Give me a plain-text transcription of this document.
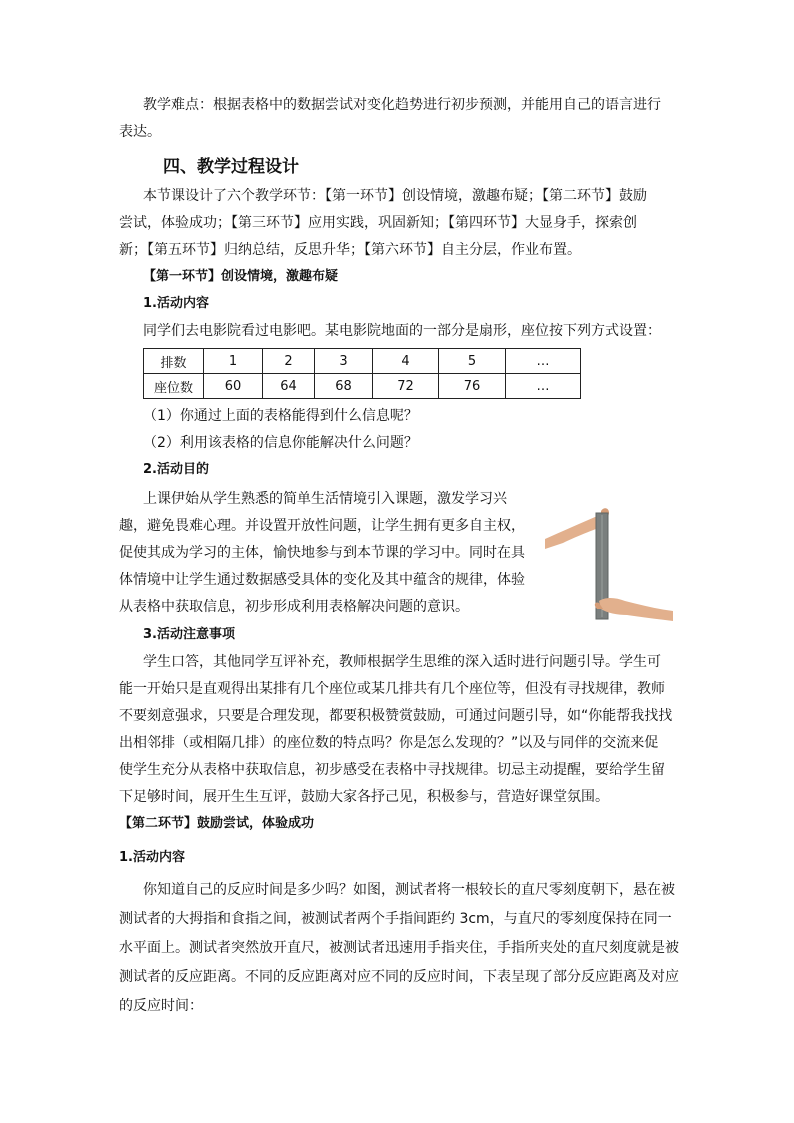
教学难点：根据表格中的数据尝试对变化趋势进行初步预测，并能用自己的语言进行
表达。
四、教学过程设计
本节课设计了六个教学环节：【第一环节】创设情境，激趣布疑；【第二环节】鼓励
尝试，体验成功；【第三环节】应用实践，巩固新知；【第四环节】大显身手，探索创
新；【第五环节】归纳总结，反思升华；【第六环节】自主分层，作业布置。
【第一环节】创设情境，激趣布疑
1.活动内容
同学们去电影院看过电影吧。某电影院地面的一部分是扇形，座位按下列方式设置：
排数	1	2	3	4	5	…
座位数	60	64	68	72	76	…
（1）你通过上面的表格能得到什么信息呢？
（2）利用该表格的信息你能解决什么问题？
2.活动目的
上课伊始从学生熟悉的简单生活情境引入课题，激发学习兴
趣，避免畏难心理。并设置开放性问题，让学生拥有更多自主权，
促使其成为学习的主体，愉快地参与到本节课的学习中。同时在具
体情境中让学生通过数据感受具体的变化及其中蕴含的规律，体验
从表格中获取信息，初步形成利用表格解决问题的意识。
3.活动注意事项
学生口答，其他同学互评补充，教师根据学生思维的深入适时进行问题引导。学生可
能一开始只是直观得出某排有几个座位或某几排共有几个座位等，但没有寻找规律，教师
不要刻意强求，只要是合理发现，都要积极赞赏鼓励，可通过问题引导，如“你能帮我找找
出相邻排（或相隔几排）的座位数的特点吗？你是怎么发现的？”以及与同伴的交流来促
使学生充分从表格中获取信息，初步感受在表格中寻找规律。切忌主动提醒，要给学生留
下足够时间，展开生生互评，鼓励大家各抒己见，积极参与，营造好课堂氛围。
【第二环节】鼓励尝试，体验成功
1.活动内容
你知道自己的反应时间是多少吗？如图，测试者将一根较长的直尺零刻度朝下，悬在被
测试者的大拇指和食指之间，被测试者两个手指间距约 3cm，与直尺的零刻度保持在同一
水平面上。测试者突然放开直尺，被测试者迅速用手指夹住，手指所夹处的直尺刻度就是被
测试者的反应距离。不同的反应距离对应不同的反应时间，下表呈现了部分反应距离及对应
的反应时间：
